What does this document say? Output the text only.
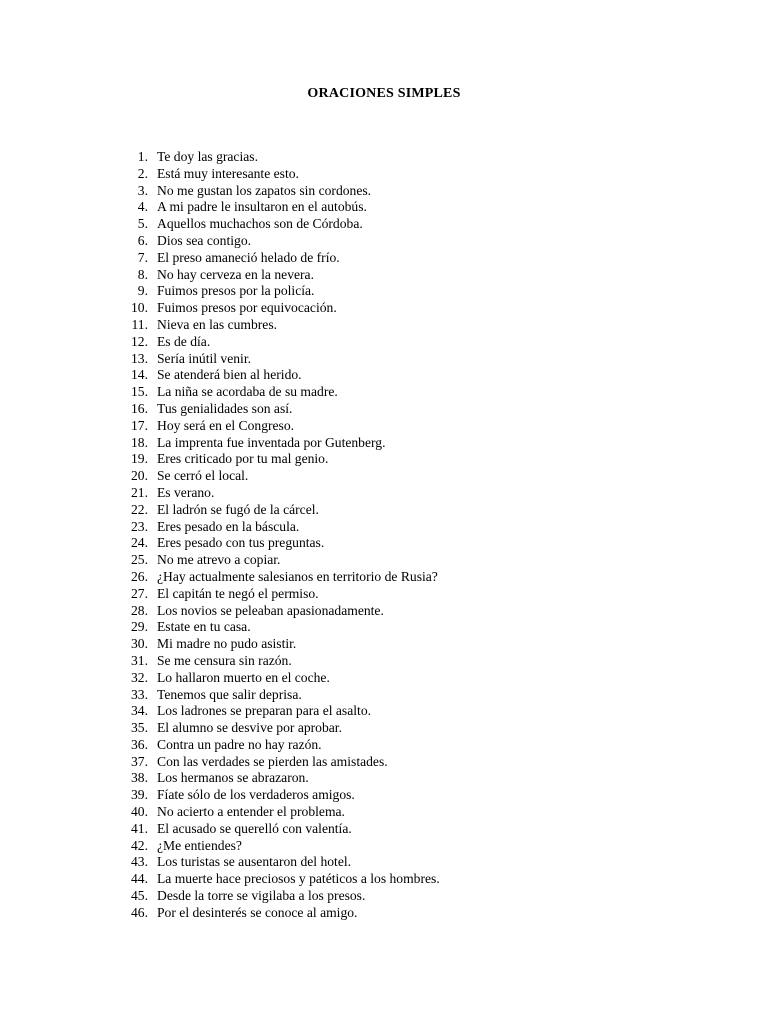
ORACIONES SIMPLES
1. Te doy las gracias.
2. Está muy interesante esto.
3. No me gustan los zapatos sin cordones.
4. A mi padre le insultaron en el autobús.
5. Aquellos muchachos son de Córdoba.
6. Dios sea contigo.
7. El preso amaneció helado de frío.
8. No hay cerveza en la nevera.
9. Fuimos presos por la policía.
10. Fuimos presos por equivocación.
11. Nieva en las cumbres.
12. Es de día.
13. Sería inútil venir.
14. Se atenderá bien al herido.
15. La niña se acordaba de su madre.
16. Tus genialidades son así.
17. Hoy será en el Congreso.
18. La imprenta fue inventada por Gutenberg.
19. Eres criticado por tu mal genio.
20. Se cerró el local.
21. Es verano.
22. El ladrón se fugó de la cárcel.
23. Eres pesado en la báscula.
24. Eres pesado con tus preguntas.
25. No me atrevo a copiar.
26. ¿Hay actualmente salesianos en territorio de Rusia?
27. El capitán te negó el permiso.
28. Los novios se peleaban apasionadamente.
29. Estate en tu casa.
30. Mi madre no pudo asistir.
31. Se me censura sin razón.
32. Lo hallaron muerto en el coche.
33. Tenemos que salir deprisa.
34. Los ladrones se preparan para el asalto.
35. El alumno se desvive por aprobar.
36. Contra un padre no hay razón.
37. Con las verdades se pierden las amistades.
38. Los hermanos se abrazaron.
39. Fíate sólo de los verdaderos amigos.
40. No acierto a entender el problema.
41. El acusado se querelló con valentía.
42. ¿Me entiendes?
43. Los turistas se ausentaron del hotel.
44. La muerte hace preciosos y patéticos a los hombres.
45. Desde la torre se vigilaba a los presos.
46. Por el desinterés se conoce al amigo.
